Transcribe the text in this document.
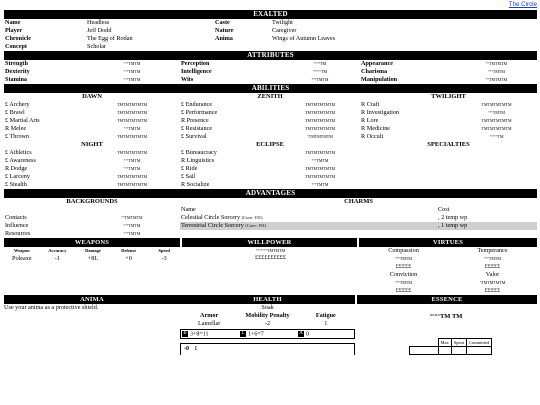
The Circle
EXALTED
Name	Headless	Caste	Twilight
Player	Jeff Dodd	Nature	Caregiver
Chronicle	The Egg of Rodan	Anima	Wings of Autumn Leaves
Concept	Scholar		
ATTRIBUTES
Strength	°°°TMTM	Perception	°°°°TM	Appearance	°°TMTMTM
Dexterity	°°°TMTM	Intelligence	°°°°°TM	Charisma	°°°TMTM
Stamina	°°°TMTM	Wits	°°°TMTM	Manipulation	°°TMTMTM
ABILITIES
DAWN		ZENITH		TWILIGHT	
£ Archery	TMTMTMTMTM	£ Endurance	TMTMTMTMTM	R Craft	TMTMTMTMTM
£ Brawl	TMTMTMTMTM	£ Performance	TMTMTMTMTM	R Investigation	°°°TMTM
£ Martial Arts	TMTMTMTMTM	R Presence	TMTMTMTMTM	R Lore	TMTMTMTMTM
R Melee	°°°TMTM	£ Resistance	TMTMTMTMTM	R Medicine	TMTMTMTMTM
£ Thrown	TMTMTMTMTM	£ Survival	°TMTMTMTM	R Occult	°°°°°TM
NIGHT		ECLIPSE		SPECIALTIES	
£ Athletics	TMTMTMTMTM	£ Bureaucracy	TMTMTMTMTM		
£ Awareness	°°°TMTM	R Linguistics	°°°TMTM		
R Dodge	°°°TMTM	£ Ride	TMTMTMTMTM		
£ Larceny	TMTMTMTMTM	£ Sail	TMTMTMTMTM		
£ Stealth	TMTMTMTMTM	R Socialize	°°°TMTM		
ADVANTAGES
BACKGROUNDS		CHARMS	
		Name	Cost
Contacts	°°TMTMTM	Celestial Circle Sorcery (Core: 191)	, 2 temp wp
Influence	°°°TMTM	Terrestrial Circle Sorcery (Core: 191)	, 1 temp wp
Resources	°°°TMTM		
WEAPONS	WILLPOWER	VIRTUES
Weapon	Accuracy	Damage	Defense	Speed
Poleaxe	-1	+8L	+0	-3
°°°°°°°TMTMTM
££££££££££
Compassion	Temperance
°°°TMTM	°°°TMTM
£££££	£££££
Conviction	Valor
°°°TMTM	°TMTMTMTM
£££££	£££££
ANIMA	HEALTH	ESSENCE
Use your anima as a protective shield.	Soak
Armor	Mobility Penalty	Fatigue
Lamellar	-2	1
B 3+8=11	L 1+6=7	A 0
-0 £
°°°°TM TM
	Max	Spent	Committed
